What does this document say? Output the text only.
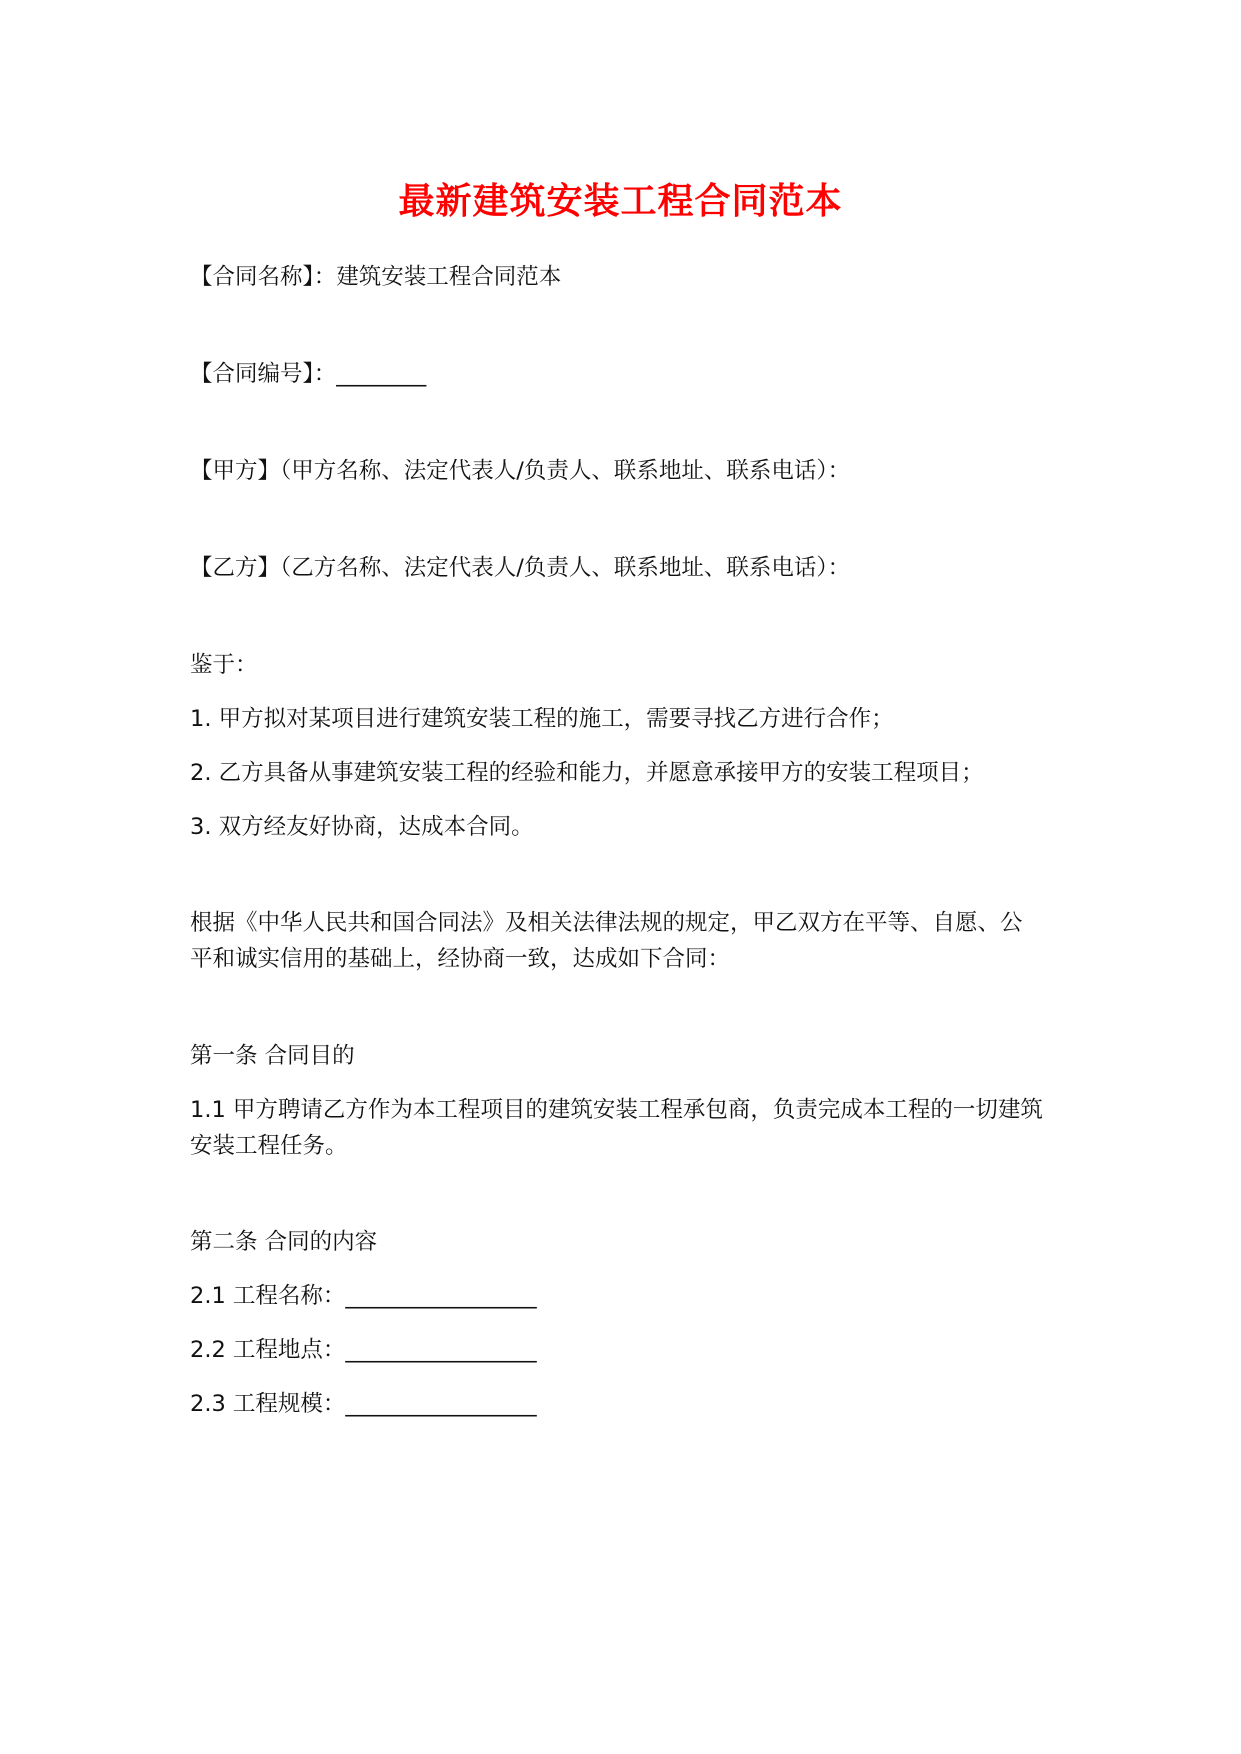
最新建筑安装工程合同范本
【合同名称】：建筑安装工程合同范本
【合同编号】：________
【甲方】（甲方名称、法定代表人/负责人、联系地址、联系电话）：
【乙方】（乙方名称、法定代表人/负责人、联系地址、联系电话）：
鉴于：
1. 甲方拟对某项目进行建筑安装工程的施工，需要寻找乙方进行合作；
2. 乙方具备从事建筑安装工程的经验和能力，并愿意承接甲方的安装工程项目；
3. 双方经友好协商，达成本合同。
根据《中华人民共和国合同法》及相关法律法规的规定，甲乙双方在平等、自愿、公
平和诚实信用的基础上，经协商一致，达成如下合同：
第一条 合同目的
1.1 甲方聘请乙方作为本工程项目的建筑安装工程承包商，负责完成本工程的一切建筑
安装工程任务。
第二条 合同的内容
2.1 工程名称：_________________
2.2 工程地点：_________________
2.3 工程规模：_________________
